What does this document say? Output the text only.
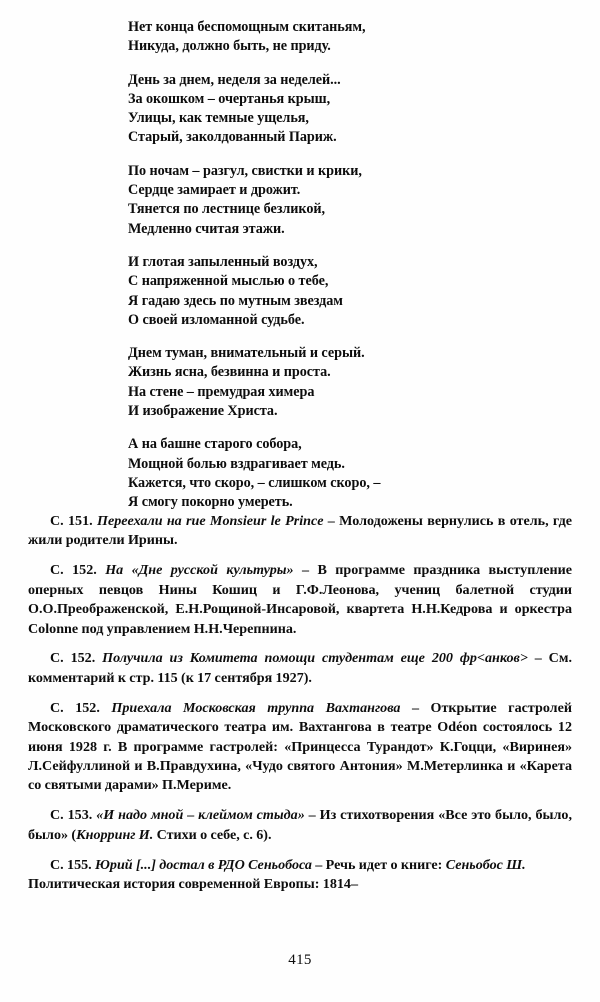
Нет конца беспомощным скитаньям,
Никуда, должно быть, не приду.
День за днем, неделя за неделей...
За окошком – очертанья крыш,
Улицы, как темные ущелья,
Старый, заколдованный Париж.
По ночам – разгул, свистки и крики,
Сердце замирает и дрожит.
Тянется по лестнице безликой,
Медленно считая этажи.
И глотая запыленный воздух,
С напряженной мыслью о тебе,
Я гадаю здесь по мутным звездам
О своей изломанной судьбе.
Днем туман, внимательный и серый.
Жизнь ясна, безвинна и проста.
На стене – премудрая химера
И изображение Христа.
А на башне старого собора,
Мощной болью вздрагивает медь.
Кажется, что скоро, – слишком скоро, –
Я смогу покорно умереть.

С. 151. Переехали на rue Monsieur le Prince – Молодожены вернулись в отель, где жили родители Ирины.

С. 152. На «Дне русской культуры» – В программе праздника выступление оперных певцов Нины Кошиц и Г.Ф.Леонова, учениц балетной студии О.О.Преображенской, Е.Н.Рощиной-Инсаровой, квартета Н.Н.Кедрова и оркестра Colonne под управлением Н.Н.Черепнина.

С. 152. Получила из Комитета помощи студентам еще 200 фр<анков> – См. комментарий к стр. 115 (к 17 сентября 1927).

С. 152. Приехала Московская труппа Вахтангова – Открытие гастролей Московского драматического театра им. Вахтангова в театре Odéon состоялось 12 июня 1928 г. В программе гастролей: «Принцесса Турандот» К.Гоцци, «Виринея» Л.Сейфуллиной и В.Правдухина, «Чудо святого Антония» М.Метерлинка и «Карета со святыми дарами» П.Мериме.

С. 153. «И надо мной – клеймом стыда» – Из стихотворения «Все это было, было, было» (Кнорринг И. Стихи о себе, с. 6).

С. 155. Юрий [...] достал в РДО Сеньобоса – Речь идет о книге: Сеньобос Ш. Политическая история современной Европы: 1814–

415
